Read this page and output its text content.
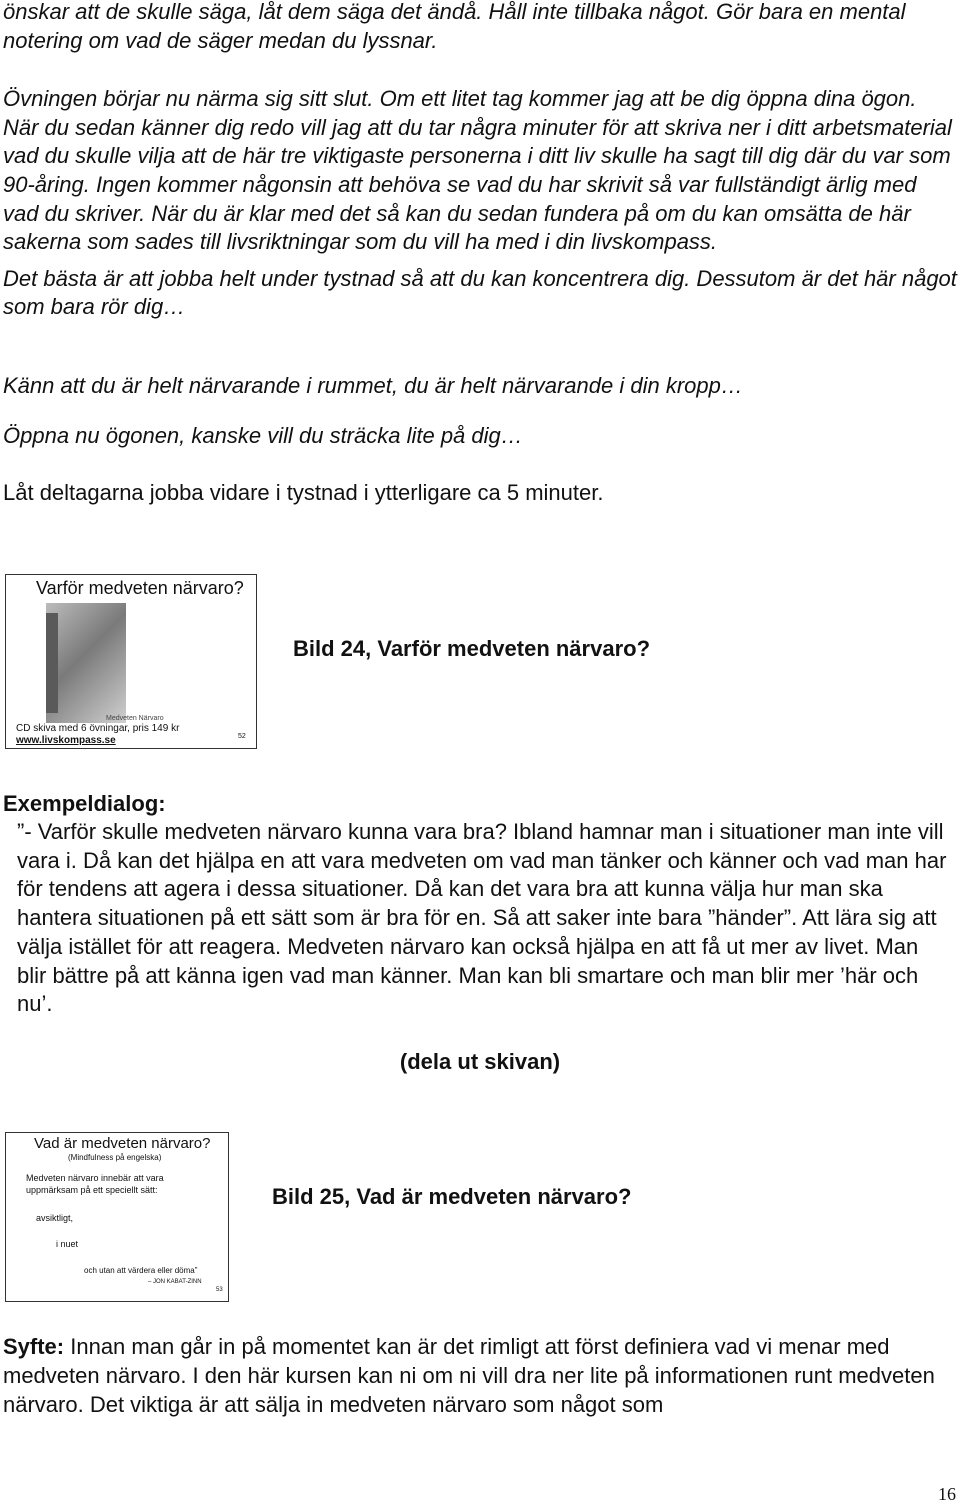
önskar att de skulle säga, låt dem säga det ändå. Håll inte tillbaka något. Gör bara en mental notering om vad de säger medan du lyssnar.

Övningen börjar nu närma sig sitt slut. Om ett litet tag kommer jag att be dig öppna dina ögon. När du sedan känner dig redo vill jag att du tar några minuter för att skriva ner i ditt arbetsmaterial vad du skulle vilja att de här tre viktigaste personerna i ditt liv skulle ha sagt till dig där du var som 90-åring. Ingen kommer någonsin att behöva se vad du har skrivit så var fullständigt ärlig med vad du skriver. När du är klar med det så kan du sedan fundera på om du kan omsätta de här sakerna som sades till livsriktningar som du vill ha med i din livskompass.

Det bästa är att jobba helt under tystnad så att du kan koncentrera dig. Dessutom är det här något som bara rör dig…

Känn att du är helt närvarande i rummet, du är helt närvarande i din kropp…

Öppna nu ögonen, kanske vill du sträcka lite på dig…

Låt deltagarna jobba vidare i tystnad i ytterligare ca 5 minuter.

Varför medveten närvaro?
Medveten Närvaro
CD skiva med 6 övningar, pris 149 kr
www.livskompass.se	52
Bild 24, Varför medveten närvaro?
Exempeldialog:

”- Varför skulle medveten närvaro kunna vara bra? Ibland hamnar man i situationer man inte vill vara i. Då kan det hjälpa en att vara medveten om vad man tänker och känner och vad man har för tendens att agera i dessa situationer. Då kan det vara bra att kunna välja hur man ska hantera situationen på ett sätt som är bra för en. Så att saker inte bara ”händer”. Att lära sig att välja istället för att reagera. Medveten närvaro kan också hjälpa en att få ut mer av livet. Man blir bättre på att känna igen vad man känner. Man kan bli smartare och man blir mer ’här och nu’.

(dela ut skivan)
Vad är medveten närvaro?
(Mindfulness på engelska)
Medveten närvaro innebär att vara
uppmärksam på ett speciellt sätt:
avsiktligt,
i nuet
och utan att värdera eller döma”
– JON KABAT-ZINN
53
Bild 25, Vad är medveten närvaro?

Syfte: Innan man går in på momentet kan är det rimligt att först definiera vad vi menar med medveten närvaro. I den här kursen kan ni om ni vill dra ner lite på informationen runt medveten närvaro. Det viktiga är att sälja in medveten närvaro som något som

16
